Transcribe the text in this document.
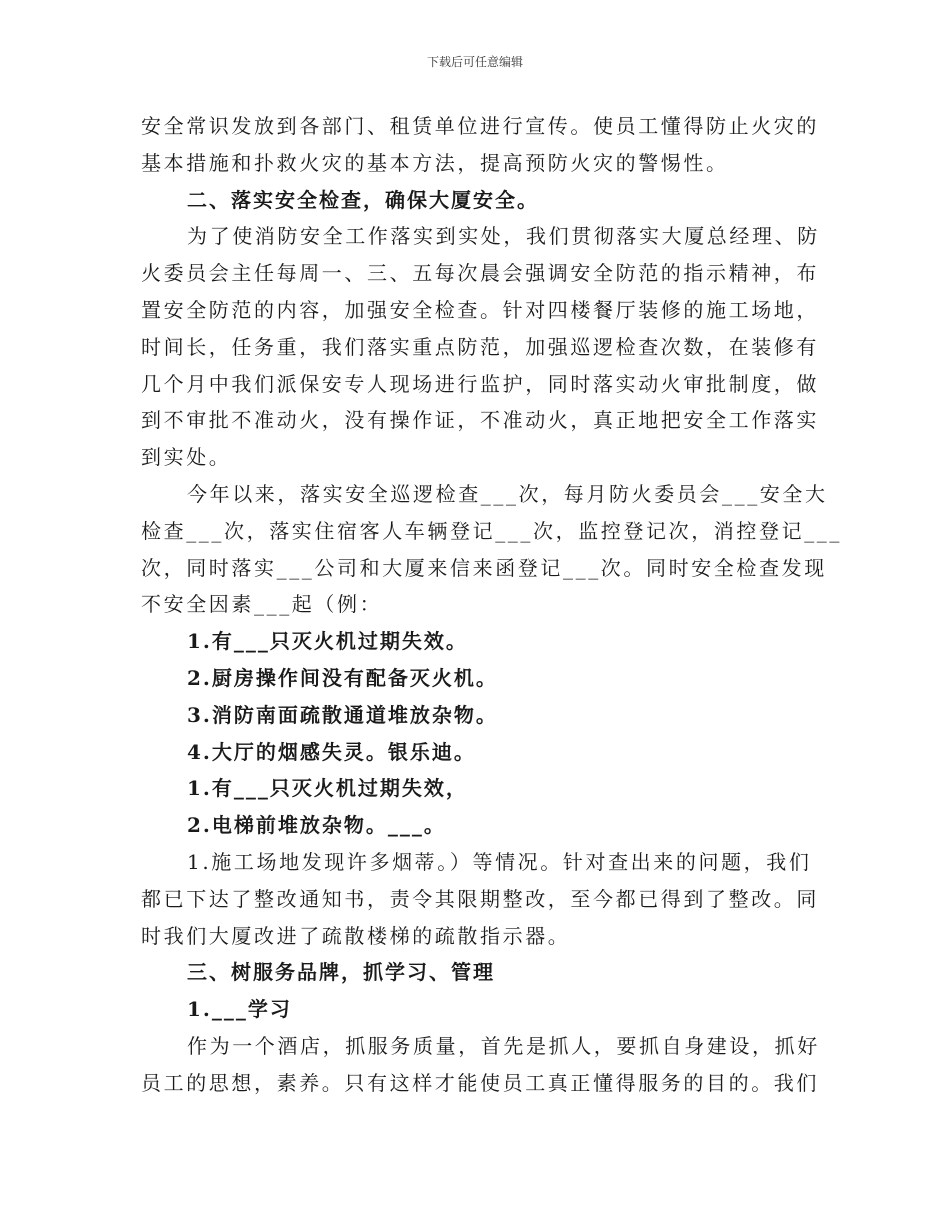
下载后可任意编辑

安全常识发放到各部门、租赁单位进行宣传。使员工懂得防止火灾的

基本措施和扑救火灾的基本方法，提高预防火灾的警惕性。

二、落实安全检查，确保大厦安全。

为了使消防安全工作落实到实处，我们贯彻落实大厦总经理、防

火委员会主任每周一、三、五每次晨会强调安全防范的指示精神，布

置安全防范的内容，加强安全检查。针对四楼餐厅装修的施工场地，

时间长，任务重，我们落实重点防范，加强巡逻检查次数，在装修有

几个月中我们派保安专人现场进行监护，同时落实动火审批制度，做

到不审批不准动火，没有操作证，不准动火，真正地把安全工作落实

到实处。

今年以来，落实安全巡逻检查___次，每月防火委员会___安全大

检查___次，落实住宿客人车辆登记___次，监控登记次，消控登记___

次，同时落实___公司和大厦来信来函登记___次。同时安全检查发现

不安全因素___起（例：

1.有___只灭火机过期失效。

2.厨房操作间没有配备灭火机。

3.消防南面疏散通道堆放杂物。

4.大厅的烟感失灵。银乐迪。

1.有___只灭火机过期失效，

2.电梯前堆放杂物。___。

1.施工场地发现许多烟蒂。）等情况。针对查出来的问题，我们

都已下达了整改通知书，责令其限期整改，至今都已得到了整改。同

时我们大厦改进了疏散楼梯的疏散指示器。

三、树服务品牌，抓学习、管理

1.___学习

作为一个酒店，抓服务质量，首先是抓人，要抓自身建设，抓好

员工的思想，素养。只有这样才能使员工真正懂得服务的目的。我们
